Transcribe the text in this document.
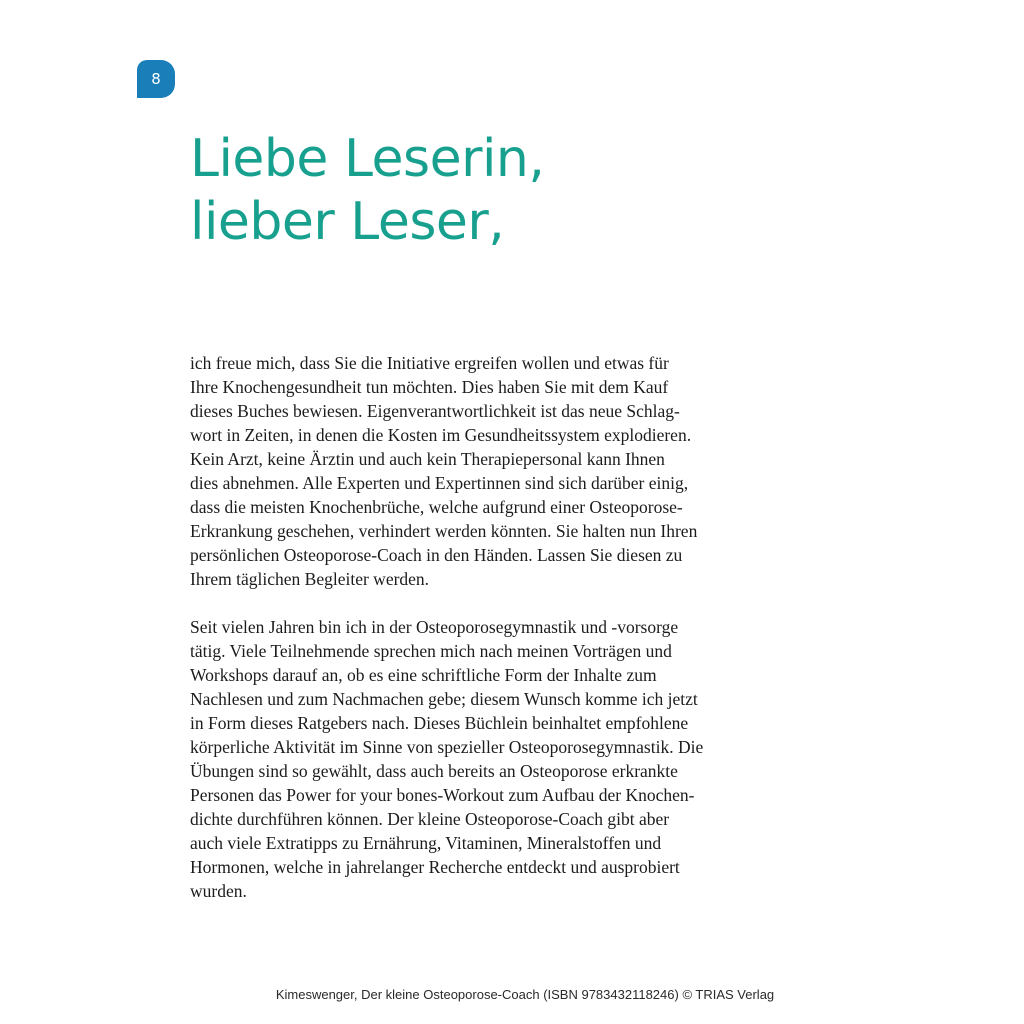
8
Liebe Leserin,
lieber Leser,

ich freue mich, dass Sie die Initiative ergreifen wollen und etwas für
Ihre Knochengesundheit tun möchten. Dies haben Sie mit dem Kauf
dieses Buches bewiesen. Eigenverantwortlichkeit ist das neue Schlag-
wort in Zeiten, in denen die Kosten im Gesundheitssystem explodieren.
Kein Arzt, keine Ärztin und auch kein Therapiepersonal kann Ihnen
dies abnehmen. Alle Experten und Expertinnen sind sich darüber einig,
dass die meisten Knochenbrüche, welche aufgrund einer Osteoporose-
Erkrankung geschehen, verhindert werden könnten. Sie halten nun Ihren
persönlichen Osteoporose-Coach in den Händen. Lassen Sie diesen zu
Ihrem täglichen Begleiter werden.

Seit vielen Jahren bin ich in der Osteoporosegymnastik und -vorsorge
tätig. Viele Teilnehmende sprechen mich nach meinen Vorträgen und
Workshops darauf an, ob es eine schriftliche Form der Inhalte zum
Nachlesen und zum Nachmachen gebe; diesem Wunsch komme ich jetzt
in Form dieses Ratgebers nach. Dieses Büchlein beinhaltet empfohlene
körperliche Aktivität im Sinne von spezieller Osteoporosegymnastik. Die
Übungen sind so gewählt, dass auch bereits an Osteoporose erkrankte
Personen das Power for your bones-Workout zum Aufbau der Knochen-
dichte durchführen können. Der kleine Osteoporose-Coach gibt aber
auch viele Extratipps zu Ernährung, Vitaminen, Mineralstoffen und
Hormonen, welche in jahrelanger Recherche entdeckt und ausprobiert
wurden.

Kimeswenger, Der kleine Osteoporose-Coach (ISBN 9783432118246) © TRIAS Verlag
